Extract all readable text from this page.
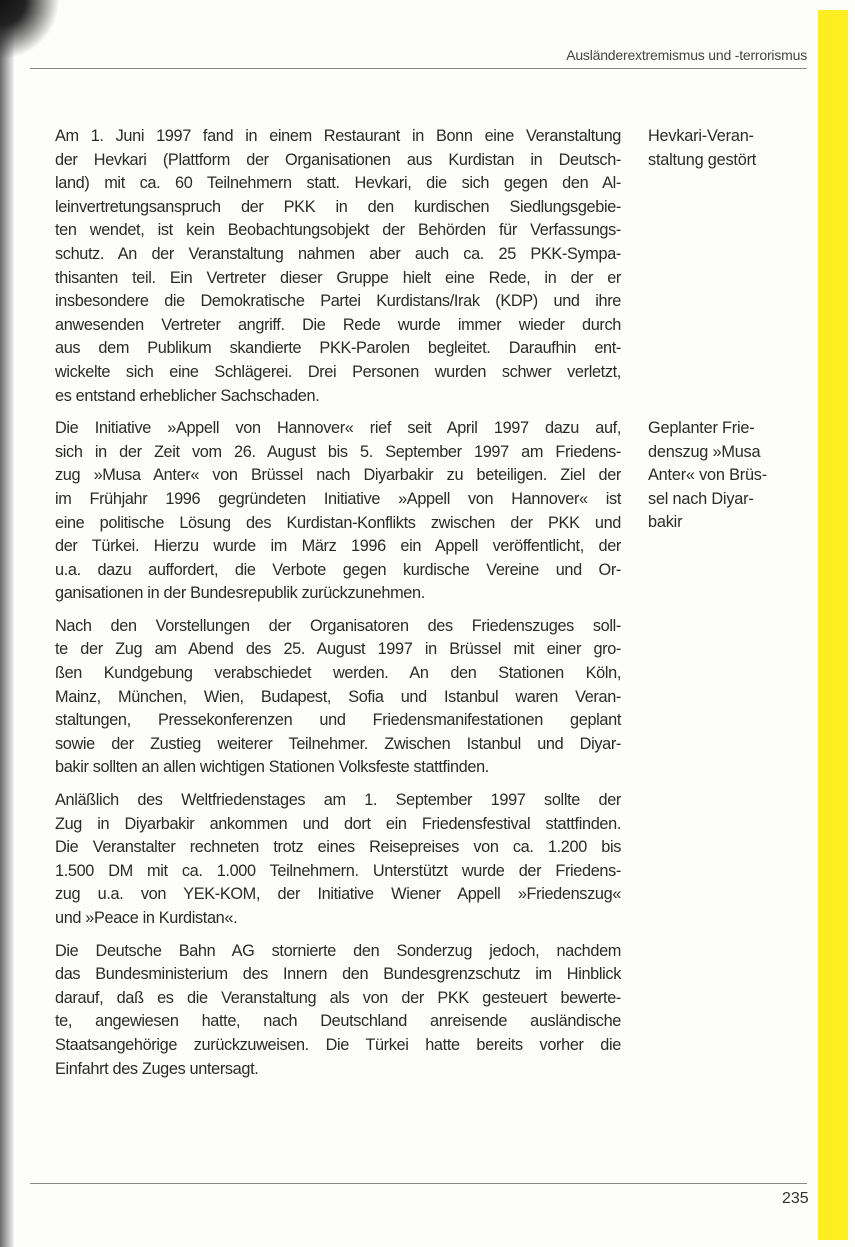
Ausländerextremismus und -terrorismus
Am 1. Juni 1997 fand in einem Restaurant in Bonn eine Veranstaltung
der Hevkari (Plattform der Organisationen aus Kurdistan in Deutsch-
land) mit ca. 60 Teilnehmern statt. Hevkari, die sich gegen den Al-
leinvertretungsanspruch der PKK in den kurdischen Siedlungsgebie-
ten wendet, ist kein Beobachtungsobjekt der Behörden für Verfassungs-
schutz. An der Veranstaltung nahmen aber auch ca. 25 PKK-Sympa-
thisanten teil. Ein Vertreter dieser Gruppe hielt eine Rede, in der er
insbesondere die Demokratische Partei Kurdistans/Irak (KDP) und ihre
anwesenden Vertreter angriff. Die Rede wurde immer wieder durch
aus dem Publikum skandierte PKK-Parolen begleitet. Daraufhin ent-
wickelte sich eine Schlägerei. Drei Personen wurden schwer verletzt,
es entstand erheblicher Sachschaden.
Die Initiative »Appell von Hannover« rief seit April 1997 dazu auf,
sich in der Zeit vom 26. August bis 5. September 1997 am Friedens-
zug »Musa Anter« von Brüssel nach Diyarbakir zu beteiligen. Ziel der
im Frühjahr 1996 gegründeten Initiative »Appell von Hannover« ist
eine politische Lösung des Kurdistan-Konflikts zwischen der PKK und
der Türkei. Hierzu wurde im März 1996 ein Appell veröffentlicht, der
u.a. dazu auffordert, die Verbote gegen kurdische Vereine und Or-
ganisationen in der Bundesrepublik zurückzunehmen.
Nach den Vorstellungen der Organisatoren des Friedenszuges soll-
te der Zug am Abend des 25. August 1997 in Brüssel mit einer gro-
ßen Kundgebung verabschiedet werden. An den Stationen Köln,
Mainz, München, Wien, Budapest, Sofia und Istanbul waren Veran-
staltungen, Pressekonferenzen und Friedensmanifestationen geplant
sowie der Zustieg weiterer Teilnehmer. Zwischen Istanbul und Diyar-
bakir sollten an allen wichtigen Stationen Volksfeste stattfinden.
Anläßlich des Weltfriedenstages am 1. September 1997 sollte der
Zug in Diyarbakir ankommen und dort ein Friedensfestival stattfinden.
Die Veranstalter rechneten trotz eines Reisepreises von ca. 1.200 bis
1.500 DM mit ca. 1.000 Teilnehmern. Unterstützt wurde der Friedens-
zug u.a. von YEK-KOM, der Initiative Wiener Appell »Friedenszug«
und »Peace in Kurdistan«.
Die Deutsche Bahn AG stornierte den Sonderzug jedoch, nachdem
das Bundesministerium des Innern den Bundesgrenzschutz im Hinblick
darauf, daß es die Veranstaltung als von der PKK gesteuert bewerte-
te, angewiesen hatte, nach Deutschland anreisende ausländische
Staatsangehörige zurückzuweisen. Die Türkei hatte bereits vorher die
Einfahrt des Zuges untersagt.
Hevkari-Veran-
staltung gestört
Geplanter Frie-
denszug »Musa
Anter« von Brüs-
sel nach Diyar-
bakir
235
